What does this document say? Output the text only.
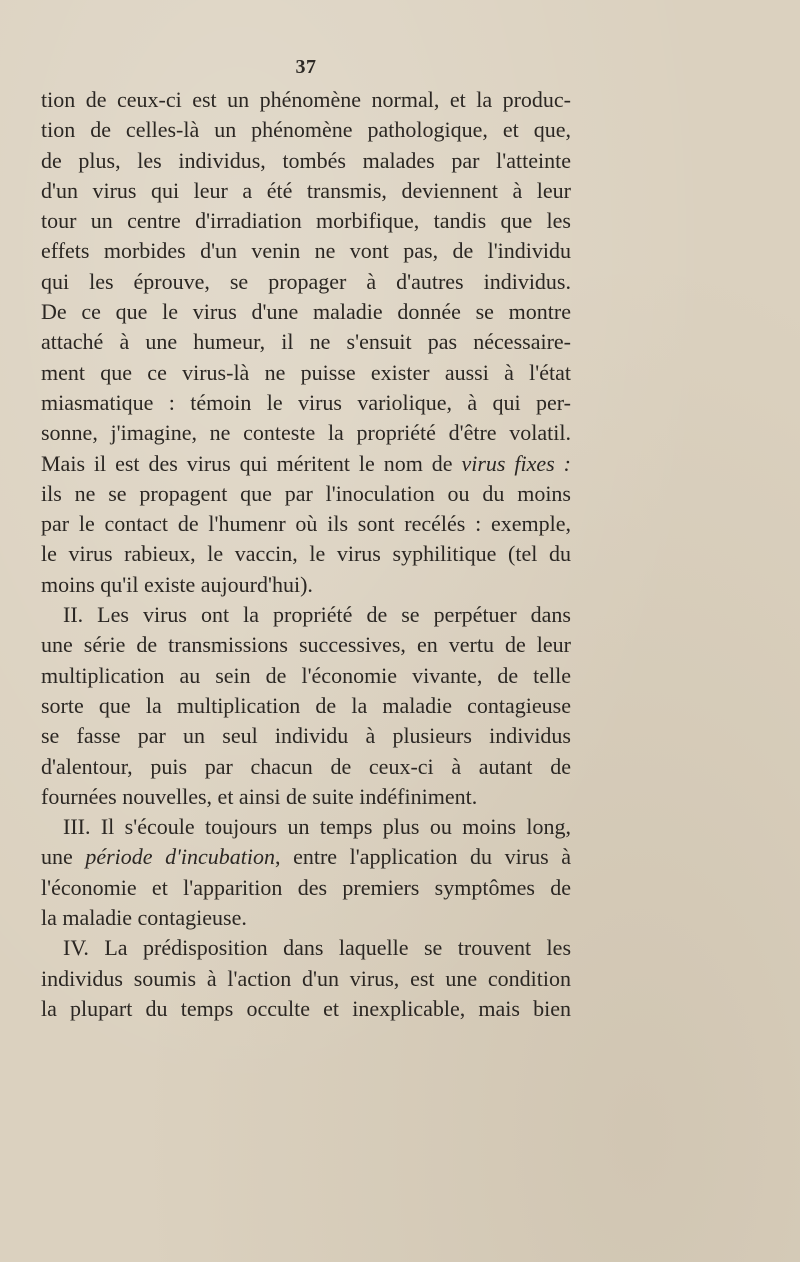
37
tion de ceux-ci est un phénomène normal, et la produc-
tion de celles-là un phénomène pathologique, et que,
de plus, les individus, tombés malades par l'atteinte
d'un virus qui leur a été transmis, deviennent à leur
tour un centre d'irradiation morbifique, tandis que les
effets morbides d'un venin ne vont pas, de l'individu
qui les éprouve, se propager à d'autres individus.
De ce que le virus d'une maladie donnée se montre
attaché à une humeur, il ne s'ensuit pas nécessaire-
ment que ce virus-là ne puisse exister aussi à l'état
miasmatique : témoin le virus variolique, à qui per-
sonne, j'imagine, ne conteste la propriété d'être volatil.
Mais il est des virus qui méritent le nom de virus fixes :
ils ne se propagent que par l'inoculation ou du moins
par le contact de l'humenr où ils sont recélés : exemple,
le virus rabieux, le vaccin, le virus syphilitique (tel du
moins qu'il existe aujourd'hui).
II. Les virus ont la propriété de se perpétuer dans
une série de transmissions successives, en vertu de leur
multiplication au sein de l'économie vivante, de telle
sorte que la multiplication de la maladie contagieuse
se fasse par un seul individu à plusieurs individus
d'alentour, puis par chacun de ceux-ci à autant de
fournées nouvelles, et ainsi de suite indéfiniment.
III. Il s'écoule toujours un temps plus ou moins long,
une période d'incubation, entre l'application du virus à
l'économie et l'apparition des premiers symptômes de
la maladie contagieuse.
IV. La prédisposition dans laquelle se trouvent les
individus soumis à l'action d'un virus, est une condition
la plupart du temps occulte et inexplicable, mais bien
